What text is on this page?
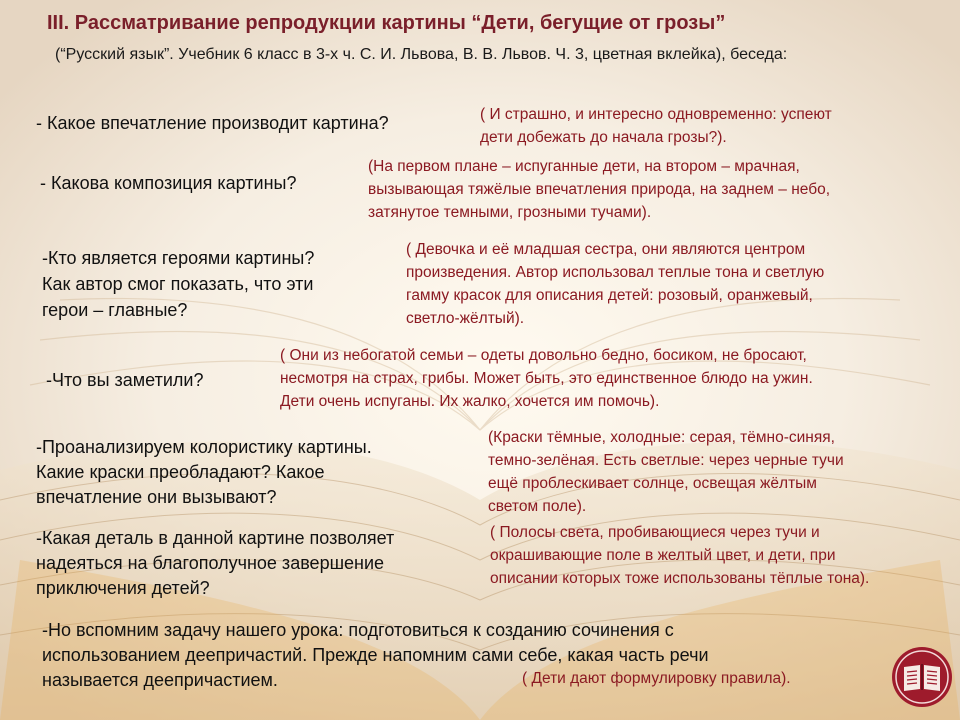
III. Рассматривание репродукции картины “Дети, бегущие от грозы”

(“Русский язык”. Учебник 6 класс в 3-х ч. С. И. Львова, В. В. Львов. Ч. 3, цветная вклейка), беседа:

- Какое впечатление производит картина?	( И страшно, и интересно одновременно: успеют
дети добежать до начала грозы?).

- Какова композиция картины?

(На первом плане – испуганные дети, на втором – мрачная,
вызывающая тяжёлые впечатления природа, на заднем – небо,
затянутое темными, грозными тучами).

-Кто является героями картины?
Как автор смог показать, что эти
герои – главные?

( Девочка и её младшая сестра, они являются центром
произведения. Автор использовал теплые тона и светлую
гамму красок для описания детей: розовый, оранжевый,
светло-жёлтый).

-Что вы заметили?

( Они из небогатой семьи – одеты довольно бедно, босиком, не бросают,
несмотря на страх, грибы. Может быть, это единственное блюдо на ужин.
Дети очень испуганы. Их жалко, хочется им помочь).

-Проанализируем колористику картины.
Какие краски преобладают? Какое
впечатление они вызывают?

(Краски тёмные, холодные: серая, тёмно-синяя,
темно-зелёная. Есть светлые: через черные тучи
ещё проблескивает солнце, освещая жёлтым
светом поле).

-Какая деталь в данной картине позволяет
надеяться на благополучное завершение
приключения детей?

( Полосы света, пробивающиеся через тучи и
окрашивающие поле в желтый цвет, и дети, при
описании которых тоже использованы тёплые тона).

-Но вспомним задачу нашего урока: подготовиться к созданию сочинения с
использованием деепричастий. Прежде напомним сами себе, какая часть речи
называется деепричастием.	( Дети дают формулировку правила).
